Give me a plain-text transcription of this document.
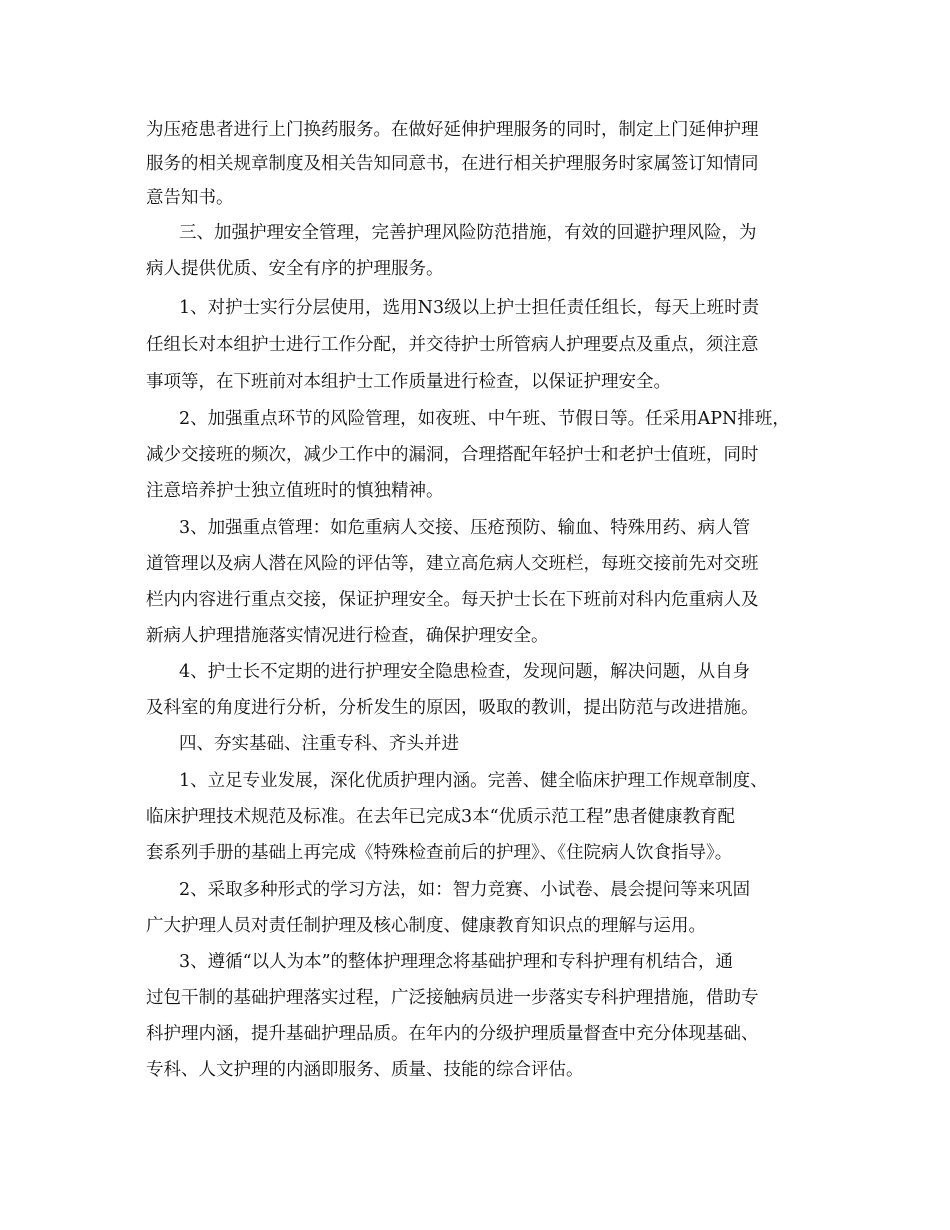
为压疮患者进行上门换药服务。在做好延伸护理服务的同时，制定上门延伸护理
服务的相关规章制度及相关告知同意书，在进行相关护理服务时家属签订知情同
意告知书。
三、加强护理安全管理，完善护理风险防范措施，有效的回避护理风险，为
病人提供优质、安全有序的护理服务。
1、对护士实行分层使用，选用N3级以上护士担任责任组长，每天上班时责
任组长对本组护士进行工作分配，并交待护士所管病人护理要点及重点，须注意
事项等，在下班前对本组护士工作质量进行检查，以保证护理安全。
2、加强重点环节的风险管理，如夜班、中午班、节假日等。任采用APN排班，
减少交接班的频次，减少工作中的漏洞，合理搭配年轻护士和老护士值班，同时
注意培养护士独立值班时的慎独精神。
3、加强重点管理：如危重病人交接、压疮预防、输血、特殊用药、病人管
道管理以及病人潜在风险的评估等，建立高危病人交班栏，每班交接前先对交班
栏内内容进行重点交接，保证护理安全。每天护士长在下班前对科内危重病人及
新病人护理措施落实情况进行检查，确保护理安全。
4、护士长不定期的进行护理安全隐患检查，发现问题，解决问题，从自身
及科室的角度进行分析，分析发生的原因，吸取的教训，提出防范与改进措施。
四、夯实基础、注重专科、齐头并进
1、立足专业发展，深化优质护理内涵。完善、健全临床护理工作规章制度、
临床护理技术规范及标准。在去年已完成3本“优质示范工程”患者健康教育配
套系列手册的基础上再完成《特殊检查前后的护理》、《住院病人饮食指导》。
2、采取多种形式的学习方法，如：智力竞赛、小试卷、晨会提问等来巩固
广大护理人员对责任制护理及核心制度、健康教育知识点的理解与运用。
3、遵循“以人为本”的整体护理理念将基础护理和专科护理有机结合，通
过包干制的基础护理落实过程，广泛接触病员进一步落实专科护理措施，借助专
科护理内涵，提升基础护理品质。在年内的分级护理质量督查中充分体现基础、
专科、人文护理的内涵即服务、质量、技能的综合评估。
